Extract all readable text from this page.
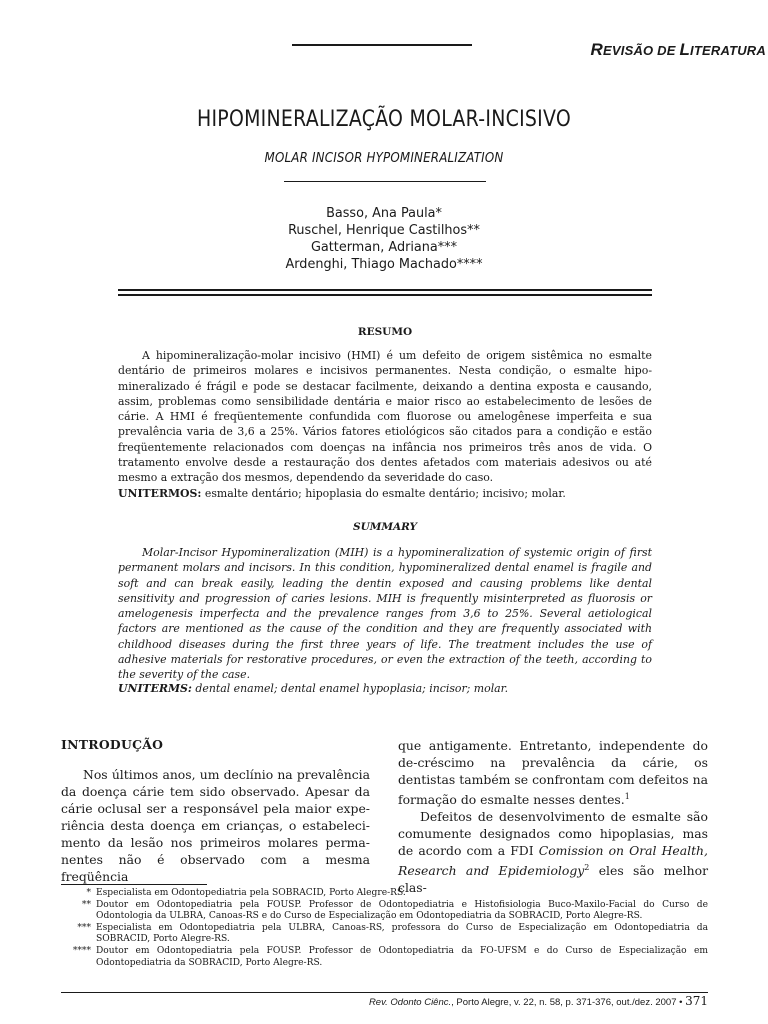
REVISÃO DE LITERATURA
HIPOMINERALIZAÇÃO MOLAR-INCISIVO
MOLAR INCISOR HYPOMINERALIZATION
Basso, Ana Paula*
Ruschel, Henrique Castilhos**
Gatterman, Adriana***
Ardenghi, Thiago Machado****
RESUMO
A hipomineralização-molar incisivo (HMI) é um defeito de origem sistêmica no esmalte dentário de primeiros molares e incisivos permanentes. Nesta condição, o esmalte hipo-mineralizado é frágil e pode se destacar facilmente, deixando a dentina exposta e causando, assim, problemas como sensibilidade dentária e maior risco ao estabelecimento de lesões de cárie. A HMI é freqüentemente confundida com fluorose ou amelogênese imperfeita e sua prevalência varia de 3,6 a 25%. Vários fatores etiológicos são citados para a condição e estão freqüentemente relacionados com doenças na infância nos primeiros três anos de vida. O tratamento envolve desde a restauração dos dentes afetados com materiais adesivos ou até mesmo a extração dos mesmos, dependendo da severidade do caso.
UNITERMOS: esmalte dentário; hipoplasia do esmalte dentário; incisivo; molar.
SUMMARY
Molar-Incisor Hypomineralization (MIH) is a hypomineralization of systemic origin of first permanent molars and incisors. In this condition, hypomineralized dental enamel is fragile and soft and can break easily, leading the dentin exposed and causing problems like dental sensitivity and progression of caries lesions. MIH is frequently misinterpreted as fluorosis or amelogenesis imperfecta and the prevalence ranges from 3,6 to 25%. Several aetiological factors are mentioned as the cause of the condition and they are frequently associated with childhood diseases during the first three years of life. The treatment includes the use of adhesive materials for restorative procedures, or even the extraction of the teeth, according to the severity of the case.
UNITERMS: dental enamel; dental enamel hypoplasia; incisor; molar.
INTRODUÇÃO
Nos últimos anos, um declínio na prevalência da doença cárie tem sido observado. Apesar da cárie oclusal ser a responsável pela maior expe-riência desta doença em crianças, o estabeleci-mento da lesão nos primeiros molares perma-nentes não é observado com a mesma freqüência
que antigamente. Entretanto, independente do de-créscimo na prevalência da cárie, os dentistas também se confrontam com defeitos na formação do esmalte nesses dentes.$^1$
Defeitos de desenvolvimento de esmalte são comumente designados como hipoplasias, mas de acordo com a FDI Comission on Oral Health, Research and Epidemiology$^2$ eles são melhor clas-
* Especialista em Odontopediatria pela SOBRACID, Porto Alegre-RS.
** Doutor em Odontopediatria pela FOUSP. Professor de Odontopediatria e Histofisiologia Buco-Maxilo-Facial do Curso de Odontologia da ULBRA, Canoas-RS e do Curso de Especialização em Odontopediatria da SOBRACID, Porto Alegre-RS.
*** Especialista em Odontopediatria pela ULBRA, Canoas-RS, professora do Curso de Especialização em Odontopediatria da SOBRACID, Porto Alegre-RS.
**** Doutor em Odontopediatria pela FOUSP. Professor de Odontopediatria da FO-UFSM e do Curso de Especialização em Odontopediatria da SOBRACID, Porto Alegre-RS.
Rev. Odonto Ciênc., Porto Alegre, v. 22, n. 58, p. 371-376, out./dez. 2007 • 371
